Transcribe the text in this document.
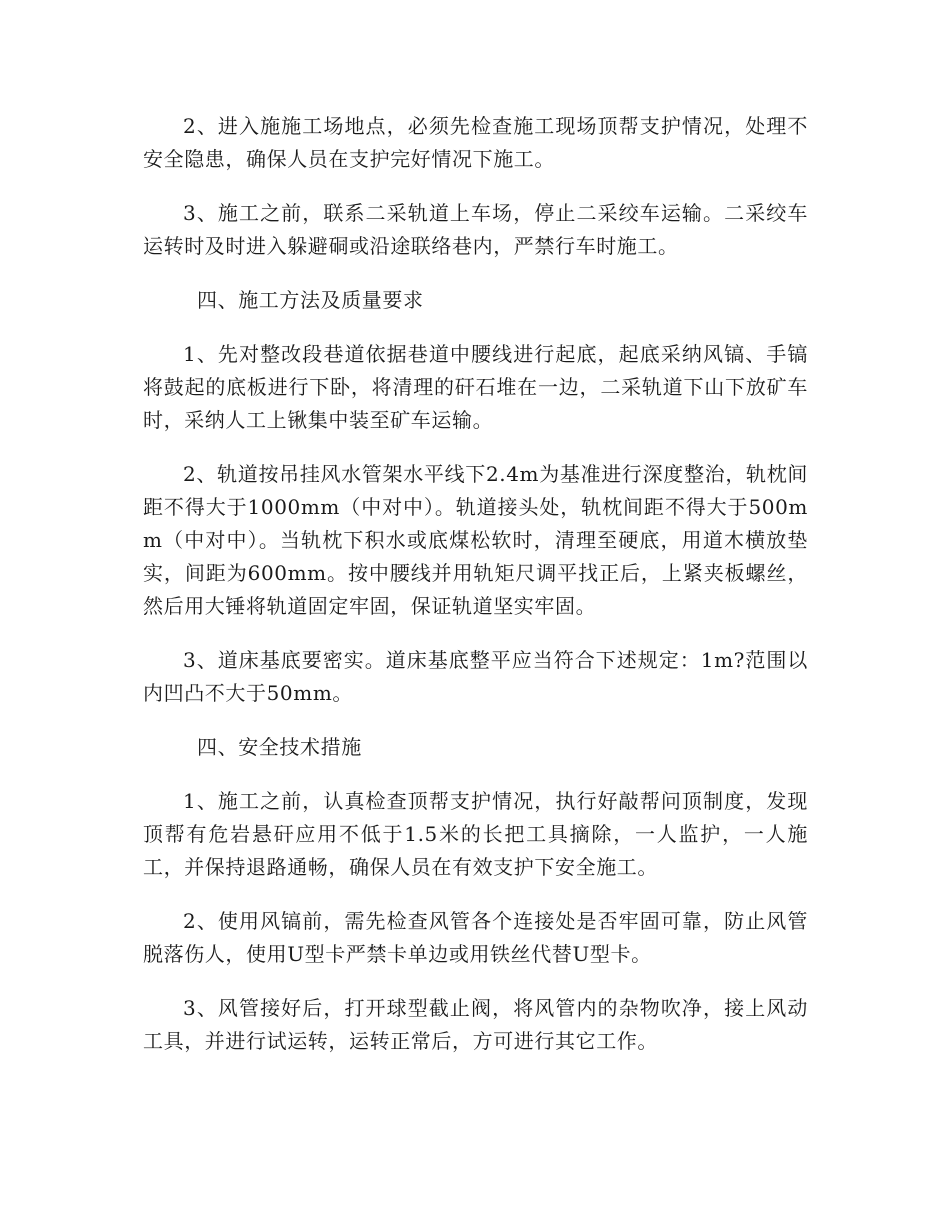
2、进入施施工场地点，必须先检查施工现场顶帮支护情况，处理不安全隐患，确保人员在支护完好情况下施工。

3、施工之前，联系二采轨道上车场，停止二采绞车运输。二采绞车运转时及时进入躲避硐或沿途联络巷内，严禁行车时施工。

四、施工方法及质量要求

1、先对整改段巷道依据巷道中腰线进行起底，起底采纳风镐、手镐将鼓起的底板进行下卧，将清理的矸石堆在一边，二采轨道下山下放矿车时，采纳人工上锹集中装至矿车运输。

2、轨道按吊挂风水管架水平线下2.4m为基准进行深度整治，轨枕间距不得大于1000mm（中对中）。轨道接头处，轨枕间距不得大于500mm（中对中）。当轨枕下积水或底煤松软时，清理至硬底，用道木横放垫实，间距为600mm。按中腰线并用轨矩尺调平找正后，上紧夹板螺丝，然后用大锤将轨道固定牢固，保证轨道坚实牢固。

3、道床基底要密实。道床基底整平应当符合下述规定：1m?范围以内凹凸不大于50mm。

四、安全技术措施

1、施工之前，认真检查顶帮支护情况，执行好敲帮问顶制度，发现顶帮有危岩悬矸应用不低于1.5米的长把工具摘除，一人监护，一人施工，并保持退路通畅，确保人员在有效支护下安全施工。

2、使用风镐前，需先检查风管各个连接处是否牢固可靠，防止风管脱落伤人，使用U型卡严禁卡单边或用铁丝代替U型卡。

3、风管接好后，打开球型截止阀，将风管内的杂物吹净，接上风动工具，并进行试运转，运转正常后，方可进行其它工作。
